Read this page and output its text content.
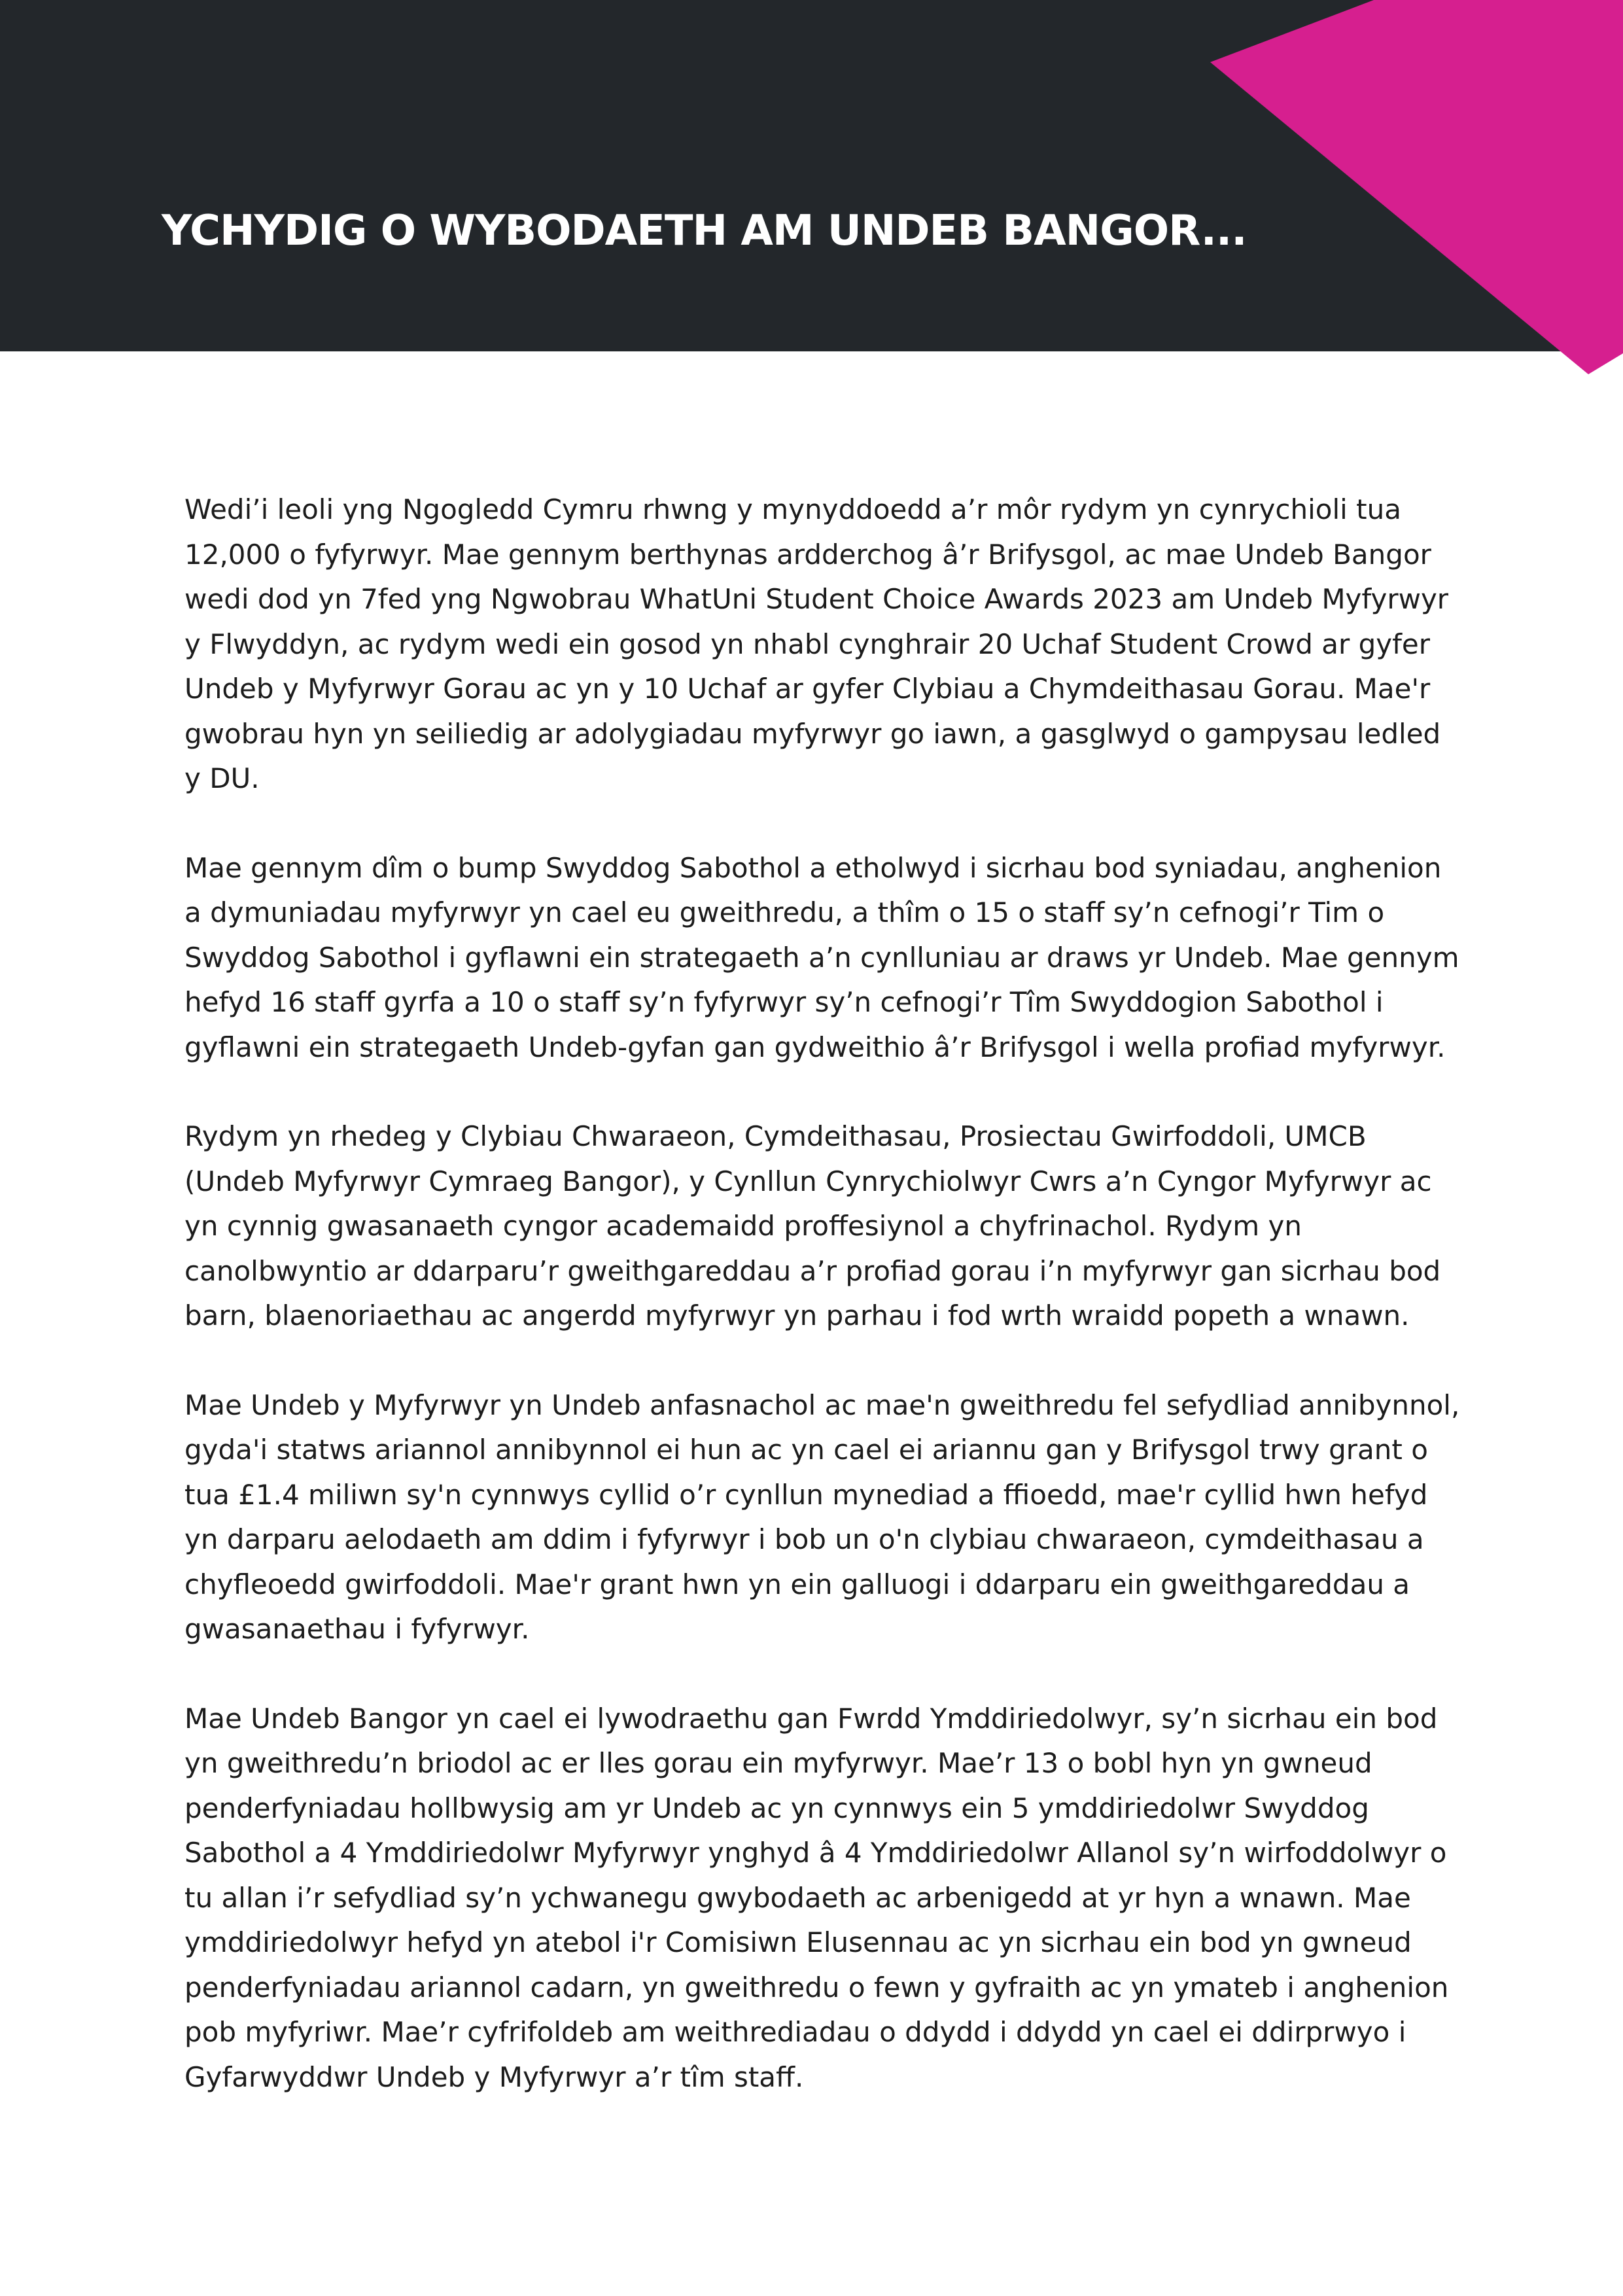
YCHYDIG O WYBODAETH AM UNDEB BANGOR...

Wedi’i leoli yng Ngogledd Cymru rhwng y mynyddoedd a’r môr rydym yn cynrychioli tua 12,000 o fyfyrwyr. Mae gennym berthynas ardderchog â’r Brifysgol, ac mae Undeb Bangor wedi dod yn 7fed yng Ngwobrau WhatUni Student Choice Awards 2023 am Undeb Myfyrwyr y Flwyddyn, ac rydym wedi ein gosod yn nhabl cynghrair 20 Uchaf Student Crowd ar gyfer Undeb y Myfyrwyr Gorau ac yn y 10 Uchaf ar gyfer Clybiau a Chymdeithasau Gorau. Mae'r gwobrau hyn yn seiliedig ar adolygiadau myfyrwyr go iawn, a gasglwyd o gampysau ledled y DU.

Mae gennym dîm o bump Swyddog Sabothol a etholwyd i sicrhau bod syniadau, anghenion a dymuniadau myfyrwyr yn cael eu gweithredu, a thîm o 15 o staff sy’n cefnogi’r Tim o Swyddog Sabothol i gyflawni ein strategaeth a’n cynlluniau ar draws yr Undeb. Mae gennym hefyd 16 staff gyrfa a 10 o staff sy’n fyfyrwyr sy’n cefnogi’r Tîm Swyddogion Sabothol i gyflawni ein strategaeth Undeb-gyfan gan gydweithio â’r Brifysgol i wella profiad myfyrwyr.

Rydym yn rhedeg y Clybiau Chwaraeon, Cymdeithasau, Prosiectau Gwirfoddoli, UMCB (Undeb Myfyrwyr Cymraeg Bangor), y Cynllun Cynrychiolwyr Cwrs a’n Cyngor Myfyrwyr ac yn cynnig gwasanaeth cyngor academaidd proffesiynol a chyfrinachol. Rydym yn canolbwyntio ar ddarparu’r gweithgareddau a’r profiad gorau i’n myfyrwyr gan sicrhau bod barn, blaenoriaethau ac angerdd myfyrwyr yn parhau i fod wrth wraidd popeth a wnawn.

Mae Undeb y Myfyrwyr yn Undeb anfasnachol ac mae'n gweithredu fel sefydliad annibynnol, gyda'i statws ariannol annibynnol ei hun ac yn cael ei ariannu gan y Brifysgol trwy grant o tua £1.4 miliwn sy'n cynnwys cyllid o’r cynllun mynediad a ffioedd, mae'r cyllid hwn hefyd yn darparu aelodaeth am ddim i fyfyrwyr i bob un o'n clybiau chwaraeon, cymdeithasau a chyfleoedd gwirfoddoli. Mae'r grant hwn yn ein galluogi i ddarparu ein gweithgareddau a gwasanaethau i fyfyrwyr.

Mae Undeb Bangor yn cael ei lywodraethu gan Fwrdd Ymddiriedolwyr, sy’n sicrhau ein bod yn gweithredu’n briodol ac er lles gorau ein myfyrwyr. Mae’r 13 o bobl hyn yn gwneud penderfyniadau hollbwysig am yr Undeb ac yn cynnwys ein 5 ymddiriedolwr Swyddog Sabothol a 4 Ymddiriedolwr Myfyrwyr ynghyd â 4 Ymddiriedolwr Allanol sy’n wirfoddolwyr o tu allan i’r sefydliad sy’n ychwanegu gwybodaeth ac arbenigedd at yr hyn a wnawn. Mae ymddiriedolwyr hefyd yn atebol i'r Comisiwn Elusennau ac yn sicrhau ein bod yn gwneud penderfyniadau ariannol cadarn, yn gweithredu o fewn y gyfraith ac yn ymateb i anghenion pob myfyriwr. Mae’r cyfrifoldeb am weithrediadau o ddydd i ddydd yn cael ei ddirprwyo i Gyfarwyddwr Undeb y Myfyrwyr a’r tîm staff.
